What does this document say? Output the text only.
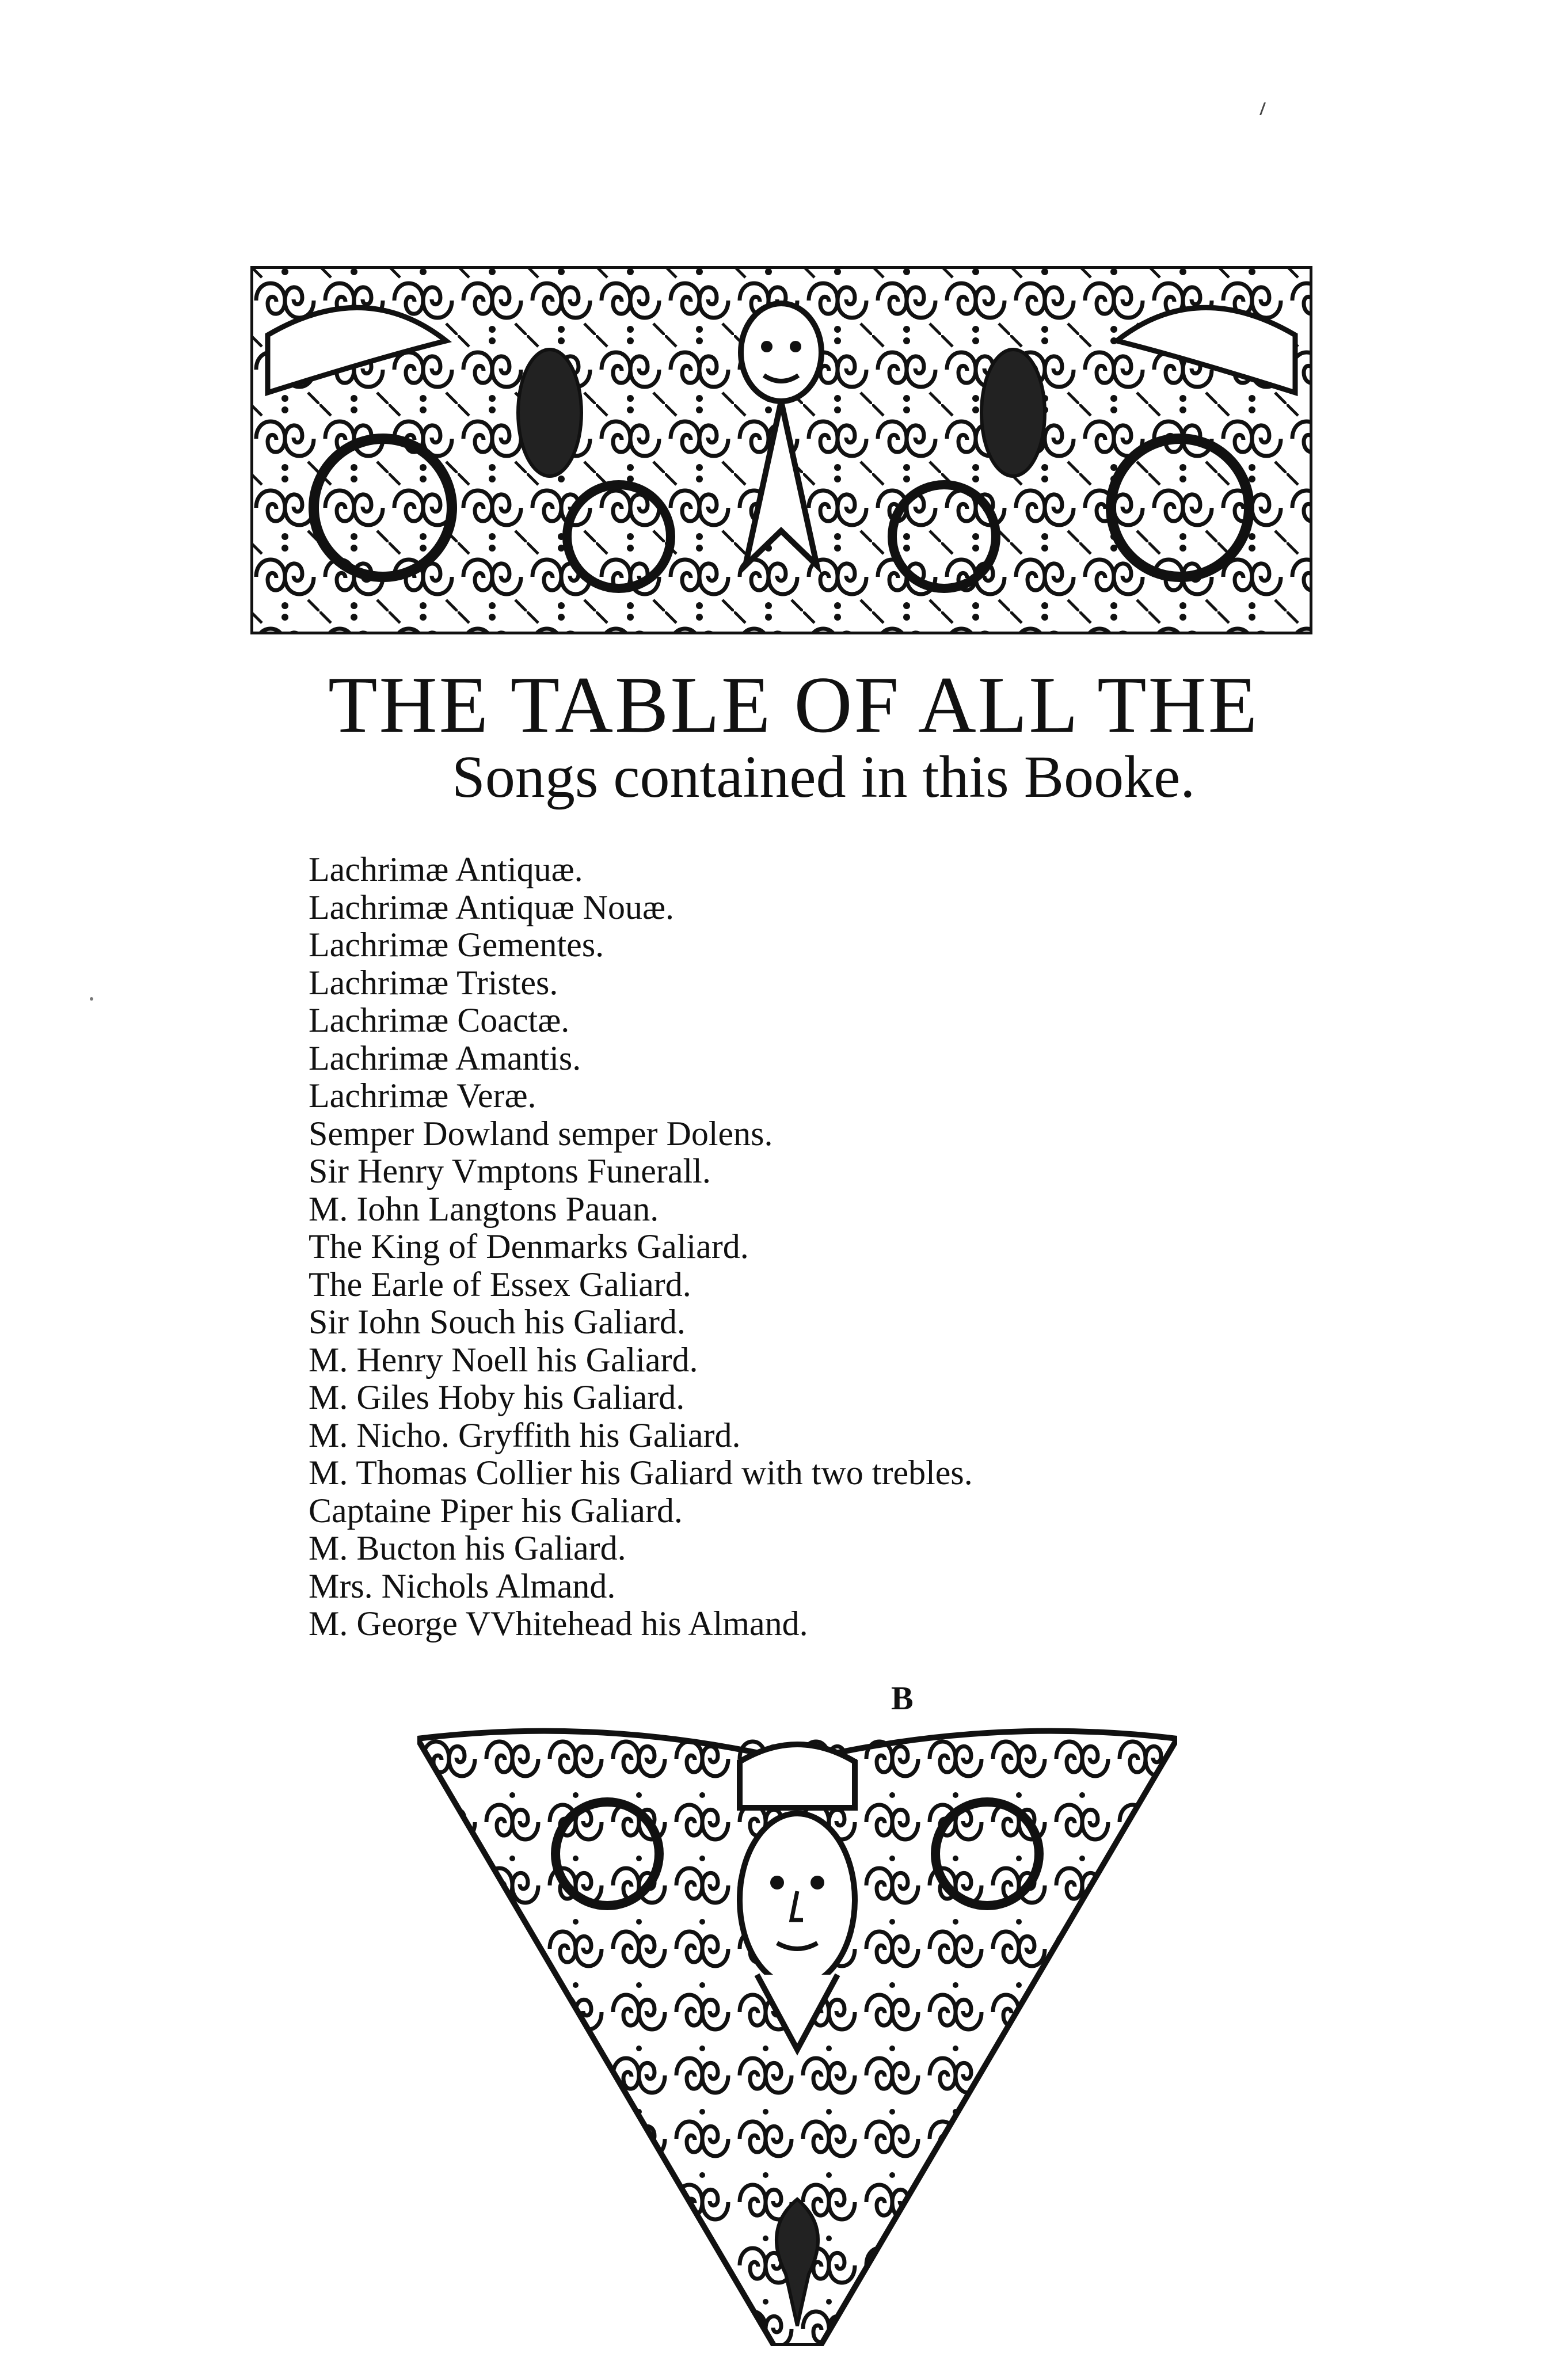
THE TABLE OF ALL THE
Songs contained in this Booke.
Lachrimæ Antiquæ.
Lachrimæ Antiquæ Nouæ.
Lachrimæ Gementes.
Lachrimæ Tristes.
Lachrimæ Coactæ.
Lachrimæ Amantis.
Lachrimæ Veræ.
Semper Dowland semper Dolens.
Sir Henry Vmptons Funerall.
M. Iohn Langtons Pauan.
The King of Denmarks Galiard.
The Earle of Essex Galiard.
Sir Iohn Souch his Galiard.
M. Henry Noell his Galiard.
M. Giles Hoby his Galiard.
M. Nicho. Gryffith his Galiard.
M. Thomas Collier his Galiard with two trebles.
Captaine Piper his Galiard.
M. Bucton his Galiard.
Mrs. Nichols Almand.
M. George VVhitehead his Almand.
B
